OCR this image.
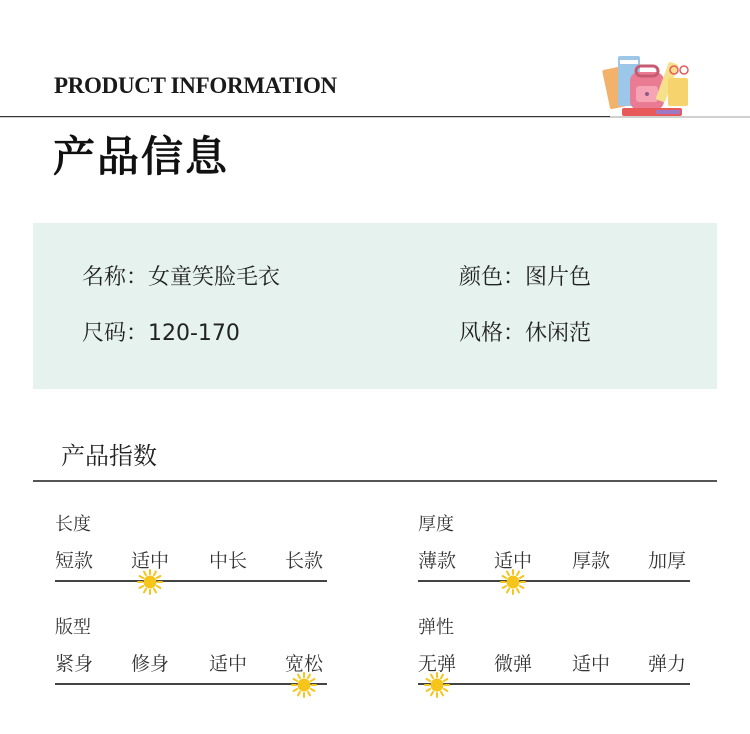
PRODUCT INFORMATION
产品信息
名称：女童笑脸毛衣	颜色：图片色
尺码：120-170	风格：休闲范
产品指数
长度
短款 适中 中长 长款
厚度
薄款 适中 厚款 加厚
版型
紧身 修身 适中 宽松
弹性
无弹 微弹 适中 弹力
